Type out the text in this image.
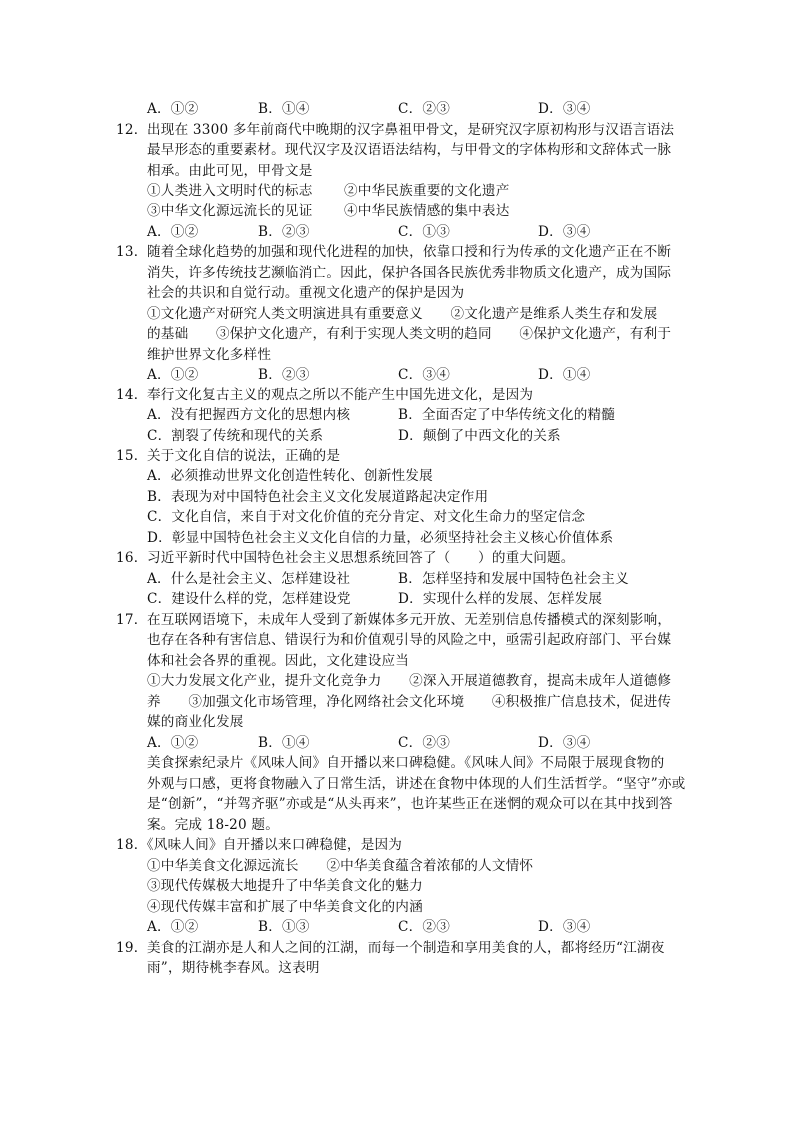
A．①②	B．①④	C．②③	D．③④
12． 出现在 3300 多年前商代中晚期的汉字鼻祖甲骨文，是研究汉字原初构形与汉语言语法
最早形态的重要素材。现代汉字及汉语语法结构，与甲骨文的字体构形和文辞体式一脉
相承。由此可见，甲骨文是
①人类进入文明时代的标志 ②中华民族重要的文化遗产
③中华文化源远流长的见证 ④中华民族情感的集中表达
A．①②	B．②③	C．①③	D．③④
13． 随着全球化趋势的加强和现代化进程的加快，依靠口授和行为传承的文化遗产正在不断
消失，许多传统技艺濒临消亡。因此，保护各国各民族优秀非物质文化遗产，成为国际
社会的共识和自觉行动。重视文化遗产的保护是因为
①文化遗产对研究人类文明演进具有重要意义　　②文化遗产是维系人类生存和发展
的基础　　③保护文化遗产，有利于实现人类文明的趋同　　④保护文化遗产，有利于
维护世界文化多样性
A．①②	B．②③	C．③④	D．①④
14． 奉行文化复古主义的观点之所以不能产生中国先进文化，是因为
A．没有把握西方文化的思想内核	B．全面否定了中华传统文化的精髓
C．割裂了传统和现代的关系	D．颠倒了中西文化的关系
15． 关于文化自信的说法，正确的是
A．必须推动世界文化创造性转化、创新性发展
B．表现为对中国特色社会主义文化发展道路起决定作用
C．文化自信，来自于对文化价值的充分肯定、对文化生命力的坚定信念
D．彰显中国特色社会主义文化自信的力量，必须坚持社会主义核心价值体系
16． 习近平新时代中国特色社会主义思想系统回答了（　　）的重大问题。
A．什么是社会主义、怎样建设社	B．怎样坚持和发展中国特色社会主义
C．建设什么样的党，怎样建设党	D．实现什么样的发展、怎样发展
17． 在互联网语境下，未成年人受到了新媒体多元开放、无差别信息传播模式的深刻影响，
也存在各种有害信息、错误行为和价值观引导的风险之中，亟需引起政府部门、平台媒
体和社会各界的重视。因此，文化建设应当
①大力发展文化产业，提升文化竞争力　　②深入开展道德教育，提高未成年人道德修
养　　③加强文化市场管理，净化网络社会文化环境　　④积极推广信息技术，促进传
媒的商业化发展
A．①②	B．①④	C．②③	D．③④
美食探索纪录片《风味人间》自开播以来口碑稳健。《风味人间》不局限于展现食物的
外观与口感，更将食物融入了日常生活，讲述在食物中体现的人们生活哲学。“坚守”亦或
是“创新”，“并驾齐驱”亦或是“从头再来”，也许某些正在迷惘的观众可以在其中找到答
案。完成 18-20 题。
18．
《风味人间》自开播以来口碑稳健，是因为
①中华美食文化源远流长　　②中华美食蕴含着浓郁的人文情怀
③现代传媒极大地提升了中华美食文化的魅力
④现代传媒丰富和扩展了中华美食文化的内涵
A．①②	B．①③	C．②③	D．③④
19． 美食的江湖亦是人和人之间的江湖，而每一个制造和享用美食的人，都将经历“江湖夜
雨”，期待桃李春风。这表明
